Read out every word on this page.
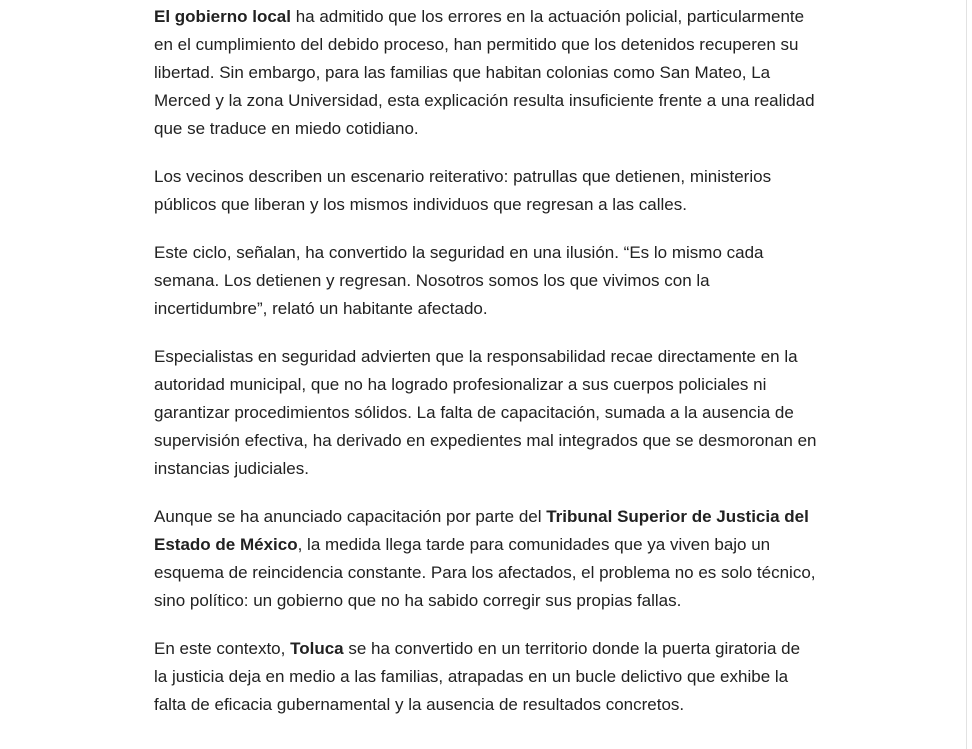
El gobierno local ha admitido que los errores en la actuación policial, particularmente en el cumplimiento del debido proceso, han permitido que los detenidos recuperen su libertad. Sin embargo, para las familias que habitan colonias como San Mateo, La Merced y la zona Universidad, esta explicación resulta insuficiente frente a una realidad que se traduce en miedo cotidiano.

Los vecinos describen un escenario reiterativo: patrullas que detienen, ministerios públicos que liberan y los mismos individuos que regresan a las calles.

Este ciclo, señalan, ha convertido la seguridad en una ilusión. “Es lo mismo cada semana. Los detienen y regresan. Nosotros somos los que vivimos con la incertidumbre”, relató un habitante afectado.

Especialistas en seguridad advierten que la responsabilidad recae directamente en la autoridad municipal, que no ha logrado profesionalizar a sus cuerpos policiales ni garantizar procedimientos sólidos. La falta de capacitación, sumada a la ausencia de supervisión efectiva, ha derivado en expedientes mal integrados que se desmoronan en instancias judiciales.

Aunque se ha anunciado capacitación por parte del Tribunal Superior de Justicia del Estado de México, la medida llega tarde para comunidades que ya viven bajo un esquema de reincidencia constante. Para los afectados, el problema no es solo técnico, sino político: un gobierno que no ha sabido corregir sus propias fallas.

En este contexto, Toluca se ha convertido en un territorio donde la puerta giratoria de la justicia deja en medio a las familias, atrapadas en un bucle delictivo que exhibe la falta de eficacia gubernamental y la ausencia de resultados concretos.
